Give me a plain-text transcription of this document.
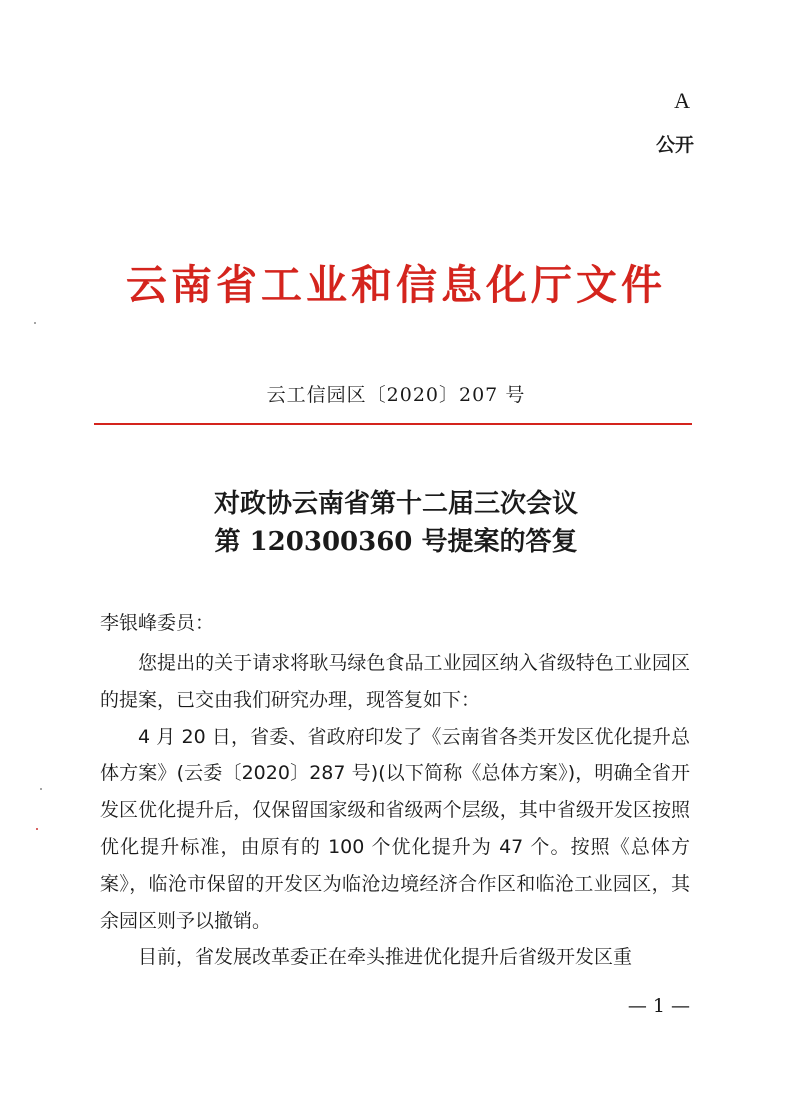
A
公开
云南省工业和信息化厅文件
云工信园区〔2020〕207 号
对政协云南省第十二届三次会议
第 120300360 号提案的答复
李银峰委员：

您提出的关于请求将耿马绿色食品工业园区纳入省级特色工业园区的提案，已交由我们研究办理，现答复如下：

4 月 20 日，省委、省政府印发了《云南省各类开发区优化提升总体方案》(云委〔2020〕287 号)(以下简称《总体方案》)，明确全省开发区优化提升后，仅保留国家级和省级两个层级，其中省级开发区按照优化提升标准，由原有的 100 个优化提升为 47 个。按照《总体方案》，临沧市保留的开发区为临沧边境经济合作区和临沧工业园区，其余园区则予以撤销。

目前，省发展改革委正在牵头推进优化提升后省级开发区重

— 1 —
